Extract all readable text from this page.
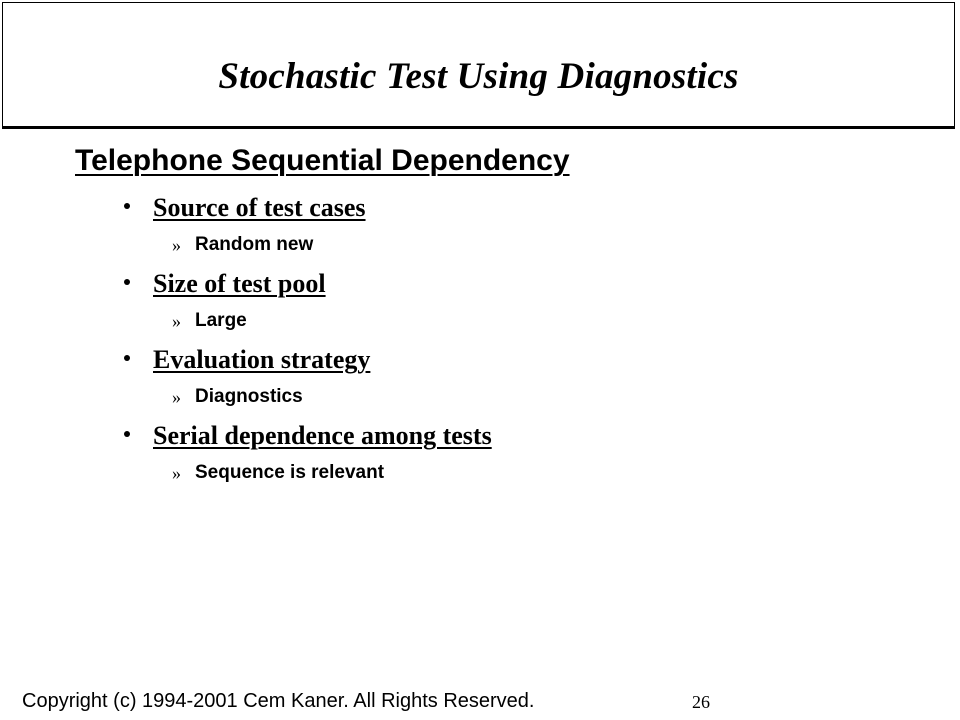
Stochastic Test Using Diagnostics
Telephone Sequential Dependency
Source of test cases
» Random new
Size of test pool
» Large
Evaluation strategy
» Diagnostics
Serial dependence among tests
» Sequence is relevant
Copyright (c) 1994-2001 Cem Kaner. All Rights Reserved.	26
